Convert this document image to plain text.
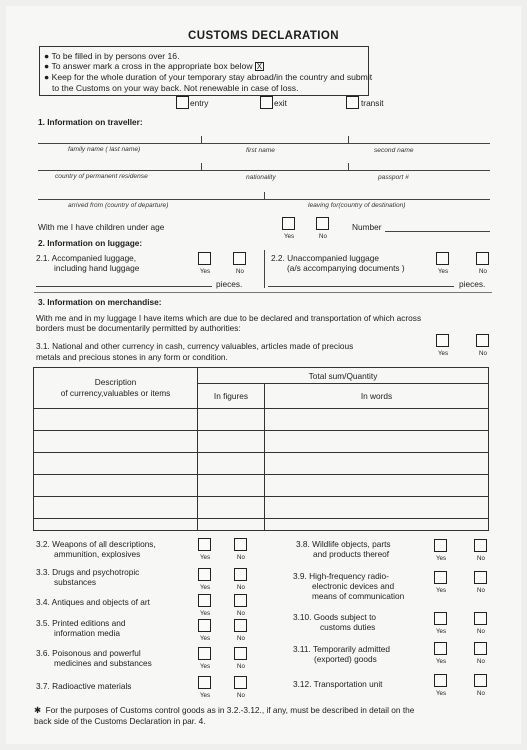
CUSTOMS DECLARATION
● To be filled in by persons over 16.
● To answer mark a cross in the appropriate box below X
● Keep for the whole duration of your temporary stay abroad/in the country and submit
to the Customs on your way back. Not renewable in case of loss.
entry	exit	transit
1. Information on traveller:
family name ( last name)	first name	second name
country of permanent residense	nationality	passport #
arrived from (country of departure)	leaving for(country of destination)
With me I have children under age
Yes	No
Number
2. Information on luggage:
2.1. Accompanied luggage,
including hand luggage	Yes	No
2.2. Unaccompanied luggage
(a/s accompanying documents )	Yes	No
pieces.	pieces.
3. Information on merchandise:
With me and in my luggage I have items which are due to be declared and transportation of which across
borders must be documentarily permitted by authorities:
3.1. National and other currency in cash, currency valuables, articles made of precious
metals and precious stones in any form or condition.	Yes	No
Description
of currency,valuables or items	Total sum/Quantity	
	In figures	In words

3.2. Weapons of all descriptions,
ammunition, explosives	Yes	No
3.3. Drugs and psychotropic
substances
Yes	No
3.4. Antiques and objects of art
Yes	No
3.5. Printed editions and
information media
Yes	No
3.6. Poisonous and powerful
medicines and substances	Yes	No
3.7. Radioactive materials
Yes	No
3.8. Wildlife objects, parts
and products thereof	Yes	No
3.9. High-frequency radio-
electronic devices and
means of communication
Yes	No
3.10. Goods subject to
customs duties	Yes	No
3.11. Temporarily admitted
(exported) goods	Yes	No
3.12. Transportation unit
Yes	No
✱  For the purposes of Customs control goods as in 3.2.-3.12., if any, must be described in detail on the
back side of the Customs Declaration in par. 4.
